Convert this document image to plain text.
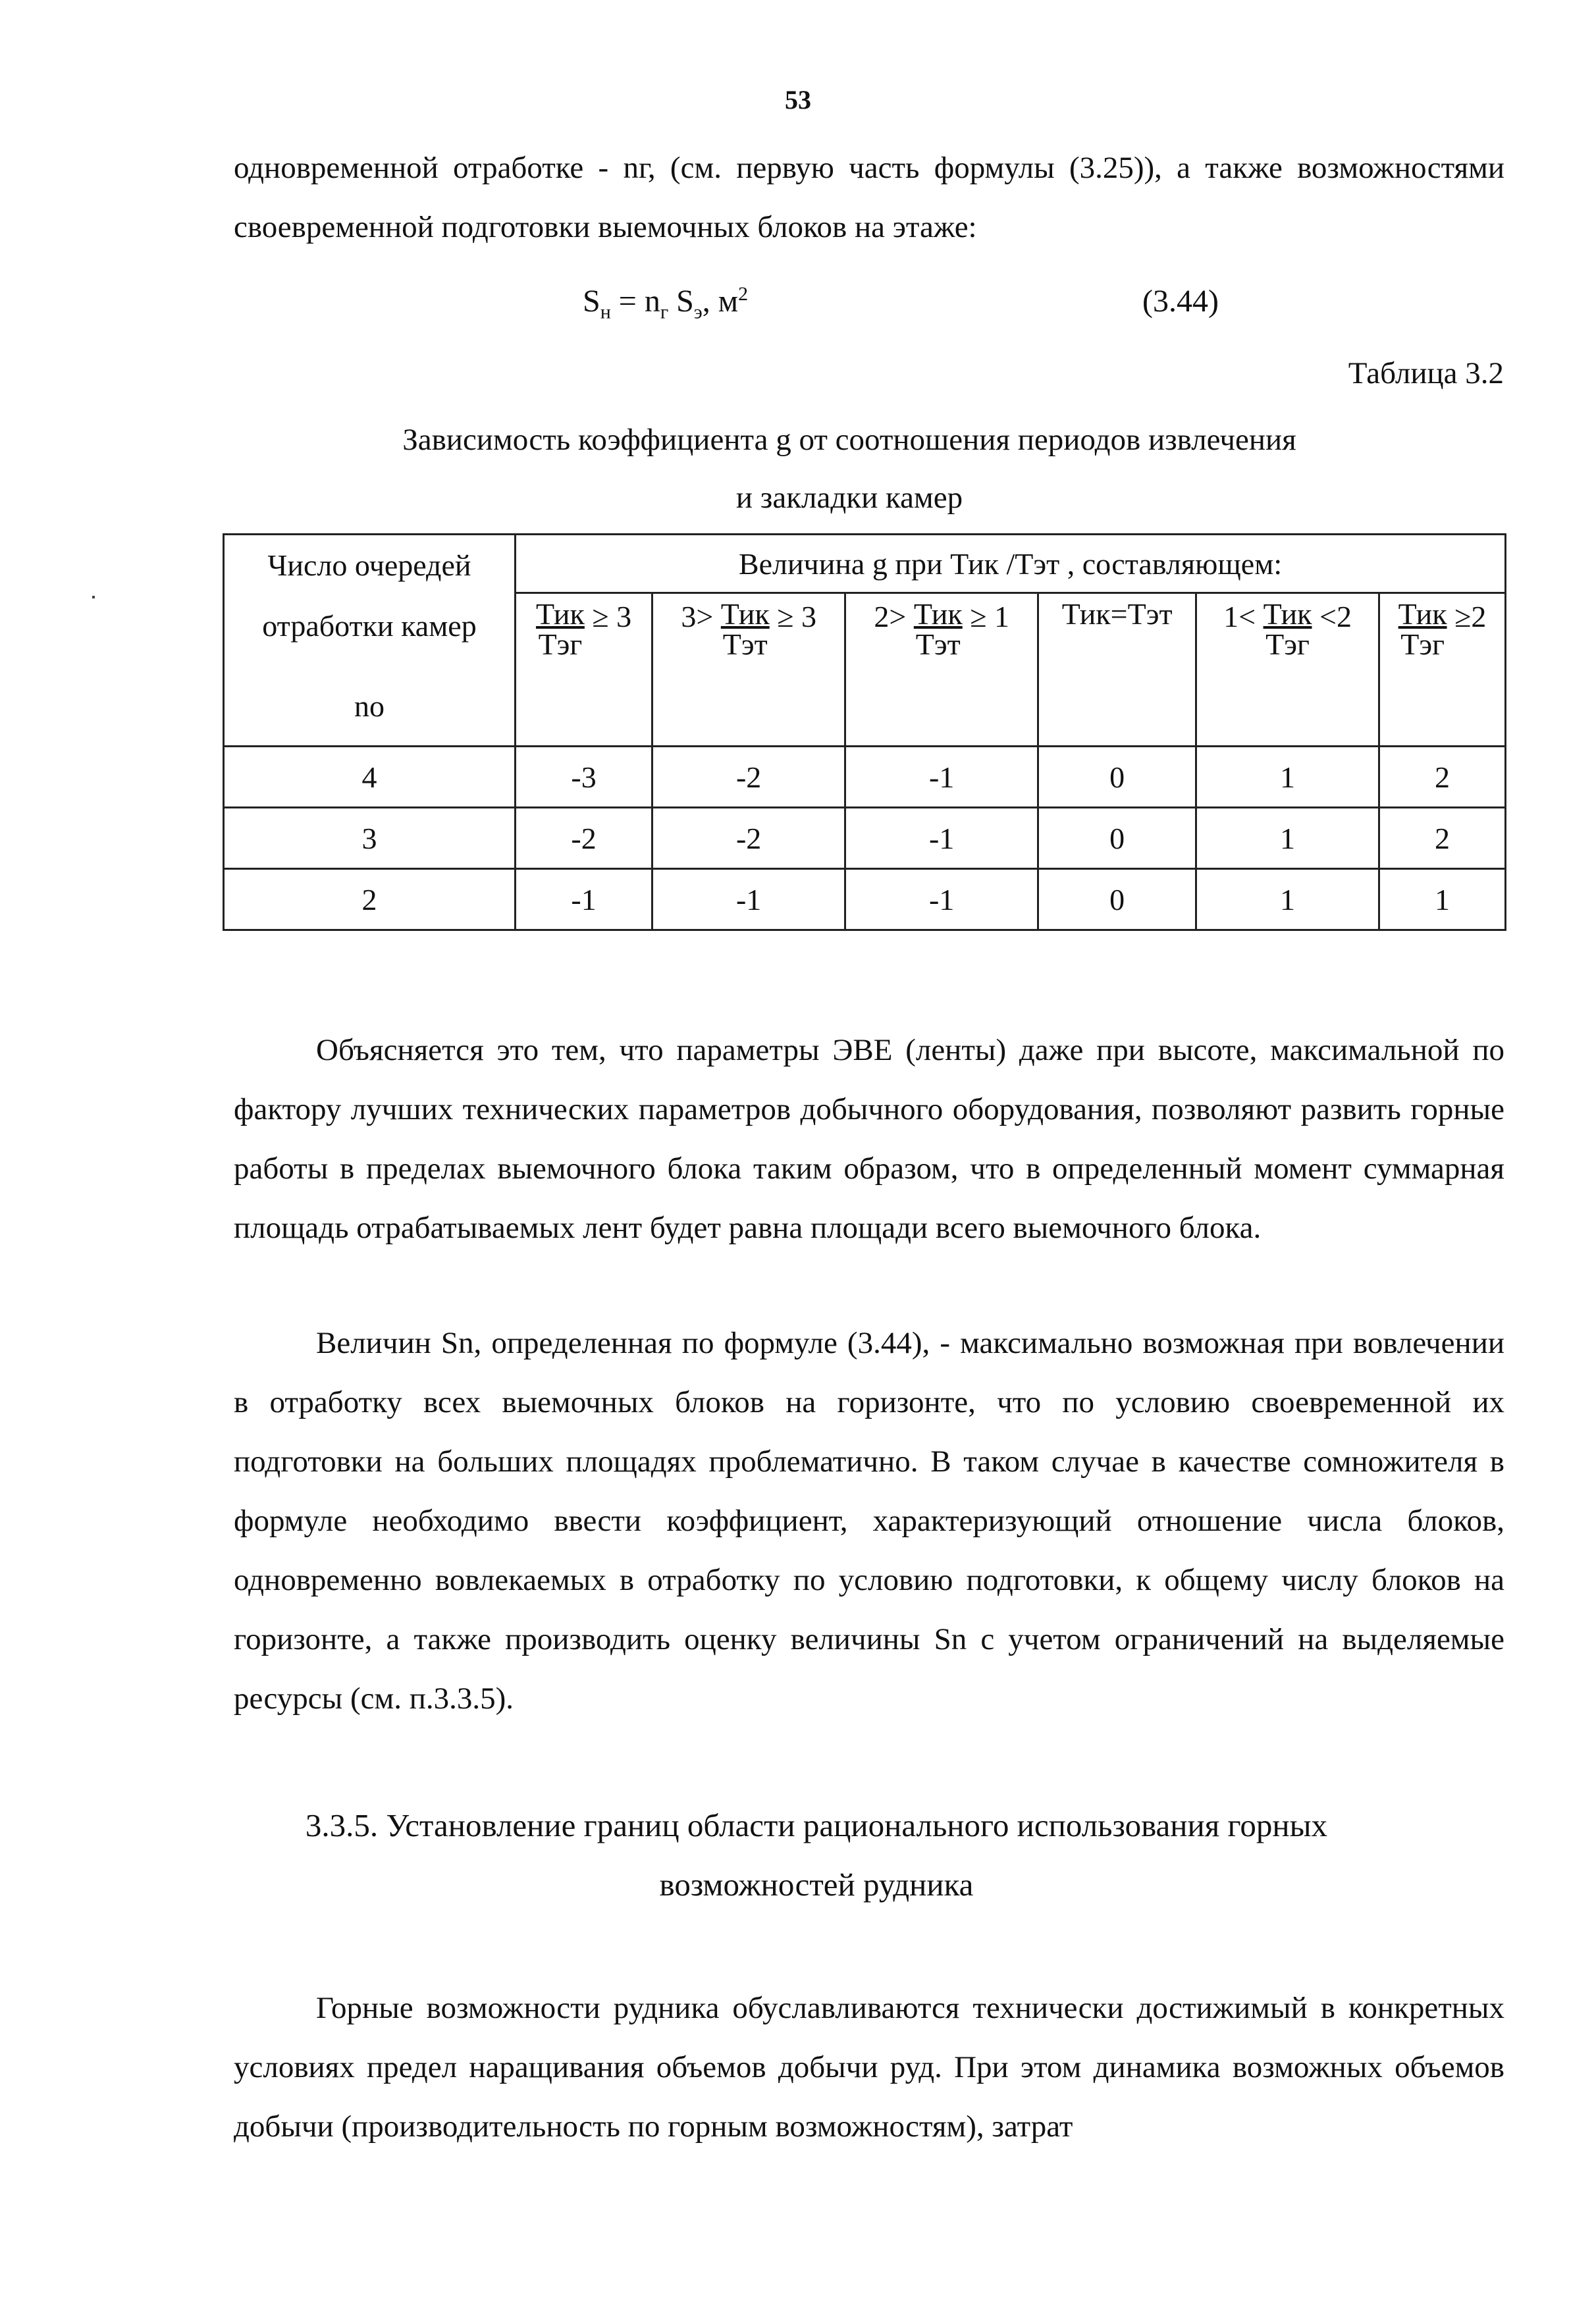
53

одновременной отработке - nг, (см. первую часть формулы (3.25)), а также возможностями своевременной подготовки выемочных блоков на этаже:

$S_н = n_г$ $S_э$, $м^2$	(3.44)
Таблица 3.2
Зависимость коэффициента g от соотношения периодов извлечения
и закладки камер
Число очередей
отработки камер
nо	Величина g при Тик /Тэт , составляющем:					

	$\frac{\text{Тик}}{\text{Тэг}} \ge 3$	$3> \frac{\text{Тик}}{\text{Тэт}} \ge 3$	$2> \frac{\text{Тик}}{\text{Тэт}} \ge 1$	Тик=Тэт	$1< \frac{\text{Тик}}{\text{Тэг}} <2$	$\frac{\text{Тик}}{\text{Тэг}} \ge 2$
4	-3	-2	-1	0	1	2
3	-2	-2	-1	0	1	2
2	-1	-1	-1	0	1	1

Объясняется это тем, что параметры ЭВЕ (ленты) даже при высоте, максимальной по фактору лучших технических параметров добычного оборудования, позволяют развить горные работы в пределах выемочного блока таким образом, что в определенный момент суммарная площадь отрабатываемых лент будет равна площади всего выемочного блока.

Величин Sn, определенная по формуле (3.44), - максимально возможная при вовлечении в отработку всех выемочных блоков на горизонте, что по условию своевременной их подготовки на больших площадях проблематично. В таком случае в качестве сомножителя в формуле необходимо ввести коэффициент, характеризующий отношение числа блоков, одновременно вовлекаемых в отработку по условию подготовки, к общему числу блоков на горизонте, а также производить оценку величины Sn с учетом ограничений на выделяемые ресурсы (см. п.3.3.5).

3.3.5. Установление границ области рационального использования горных
возможностей рудника

Горные возможности рудника обуславливаются технически достижимый в конкретных условиях предел наращивания объемов добычи руд. При этом динамика возможных объемов добычи (производительность по горным возможностям), затрат
